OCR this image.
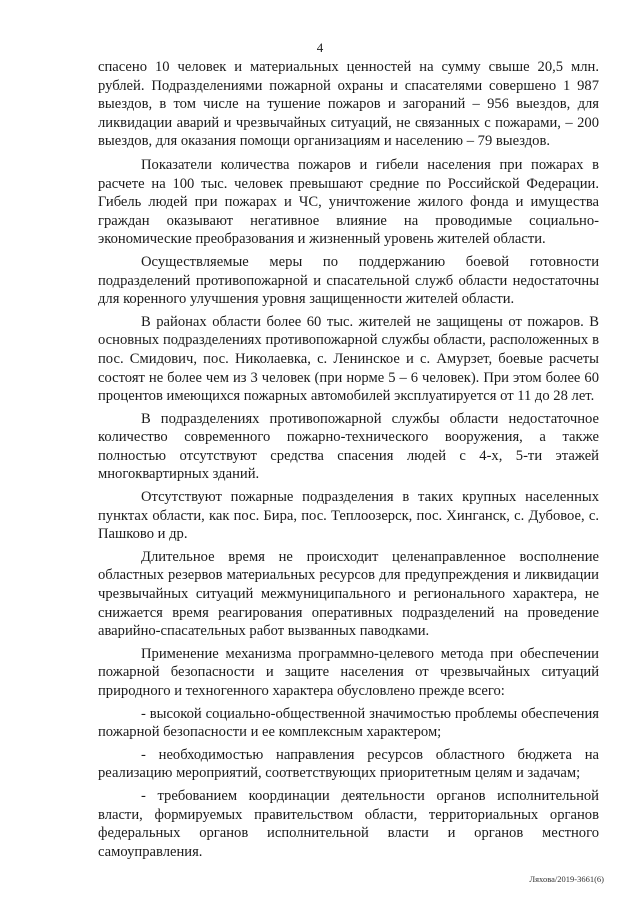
4

спасено 10 человек и материальных ценностей на сумму свыше 20,5 млн. рублей. Подразделениями пожарной охраны и спасателями совершено 1 987 выездов, в том числе на тушение пожаров и загораний – 956 выездов, для ликвидации аварий и чрезвычайных ситуаций, не связанных с пожарами, – 200 выездов, для оказания помощи организациям и населению – 79 выездов.

Показатели количества пожаров и гибели населения при пожарах в расчете на 100 тыс. человек превышают средние по Российской Федерации. Гибель людей при пожарах и ЧС, уничтожение жилого фонда и имущества граждан оказывают негативное влияние на проводимые социально-экономические преобразования и жизненный уровень жителей области.

Осуществляемые меры по поддержанию боевой готовности подразделений противопожарной и спасательной служб области недостаточны для коренного улучшения уровня защищенности жителей области.

В районах области более 60 тыс. жителей не защищены от пожаров. В основных подразделениях противопожарной службы области, расположенных в пос. Смидович, пос. Николаевка, с. Ленинское и с. Амурзет, боевые расчеты состоят не более чем из 3 человек (при норме 5 – 6 человек). При этом более 60 процентов имеющихся пожарных автомобилей эксплуатируется от 11 до 28 лет.

В подразделениях противопожарной службы области недостаточное количество современного пожарно-технического вооружения, а также полностью отсутствуют средства спасения людей с 4-х, 5-ти этажей многоквартирных зданий.

Отсутствуют пожарные подразделения в таких крупных населенных пунктах области, как пос. Бира, пос. Теплоозерск, пос. Хинганск, с. Дубовое, с. Пашково и др.

Длительное время не происходит целенаправленное восполнение областных резервов материальных ресурсов для предупреждения и ликвидации чрезвычайных ситуаций межмуниципального и регионального характера, не снижается время реагирования оперативных подразделений на проведение аварийно-спасательных работ вызванных паводками.

Применение механизма программно-целевого метода при обеспечении пожарной безопасности и защите населения от чрезвычайных ситуаций природного и техногенного характера обусловлено прежде всего:

- высокой социально-общественной значимостью проблемы обеспечения пожарной безопасности и ее комплексным характером;

- необходимостью направления ресурсов областного бюджета на реализацию мероприятий, соответствующих приоритетным целям и задачам;

- требованием координации деятельности органов исполнительной власти, формируемых правительством области, территориальных органов федеральных органов исполнительной власти и органов местного самоуправления.

Ляхова/2019-3661(6)
